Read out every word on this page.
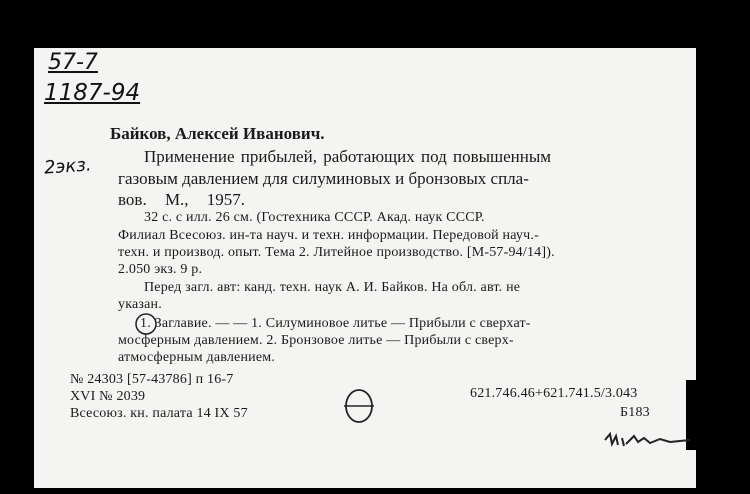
57-7
1187-94
2экз.
Байков, Алексей Иванович.
Применение прибылей, работающих под повышенным
газовым давлением для силуминовых и бронзовых спла-
вов. М., 1957.
32 с. с илл. 26 см. (Гостехника СССР. Акад. наук СССР.
Филиал Всесоюз. ин-та науч. и техн. информации. Передовой науч.-
техн. и производ. опыт. Тема 2. Литейное производство. [М-57-94/14]).
2.050 экз. 9 р.
Перед загл. авт: канд. техн. наук А. И. Байков. На обл. авт. не
указан.
1. Заглавие. — — 1. Силуминовое литье — Прибыли с сверхат-
мосферным давлением. 2. Бронзовое литье — Прибыли с сверх-
атмосферным давлением.
№ 24303 [57-43786] п 16-7
XVI № 2039
Всесоюз. кн. палата 14 IX 57
621.746.46+621.741.5/3.043
Б183
